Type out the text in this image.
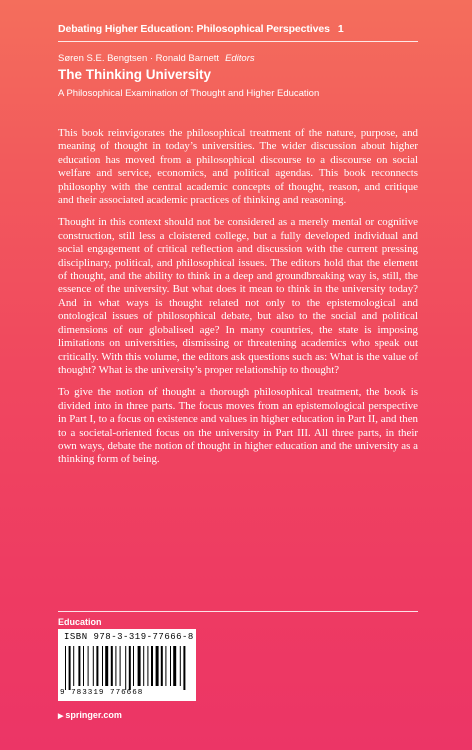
Debating Higher Education: Philosophical Perspectives 1
Søren S.E. Bengtsen · Ronald Barnett Editors
The Thinking University
A Philosophical Examination of Thought and Higher Education

This book reinvigorates the philosophical treatment of the nature, purpose, and meaning of thought in today’s universities. The wider discussion about higher education has moved from a philosophical discourse to a discourse on social welfare and service, economics, and political agendas. This book reconnects philosophy with the central academic concepts of thought, reason, and critique and their associated academic practices of thinking and reasoning.

Thought in this context should not be considered as a merely mental or cognitive construction, still less a cloistered college, but a fully developed individual and social engagement of critical reflection and discussion with the current pressing disciplinary, political, and philosophical issues. The editors hold that the element of thought, and the ability to think in a deep and groundbreaking way is, still, the essence of the university. But what does it mean to think in the university today? And in what ways is thought related not only to the epistemological and ontological issues of philosophical debate, but also to the social and political dimensions of our globalised age? In many countries, the state is imposing limitations on universities, dismissing or threatening academics who speak out critically. With this volume, the editors ask questions such as: What is the value of thought? What is the university’s proper relationship to thought?

To give the notion of thought a thorough philosophical treatment, the book is divided into in three parts. The focus moves from an epistemological perspective in Part I, to a focus on existence and values in higher education in Part II, and then to a societal-oriented focus on the university in Part III. All three parts, in their own ways, debate the notion of thought in higher education and the university as a thinking form of being.

Education
ISBN 978-3-319-77666-8
9 783319 776668
▶ springer.com
